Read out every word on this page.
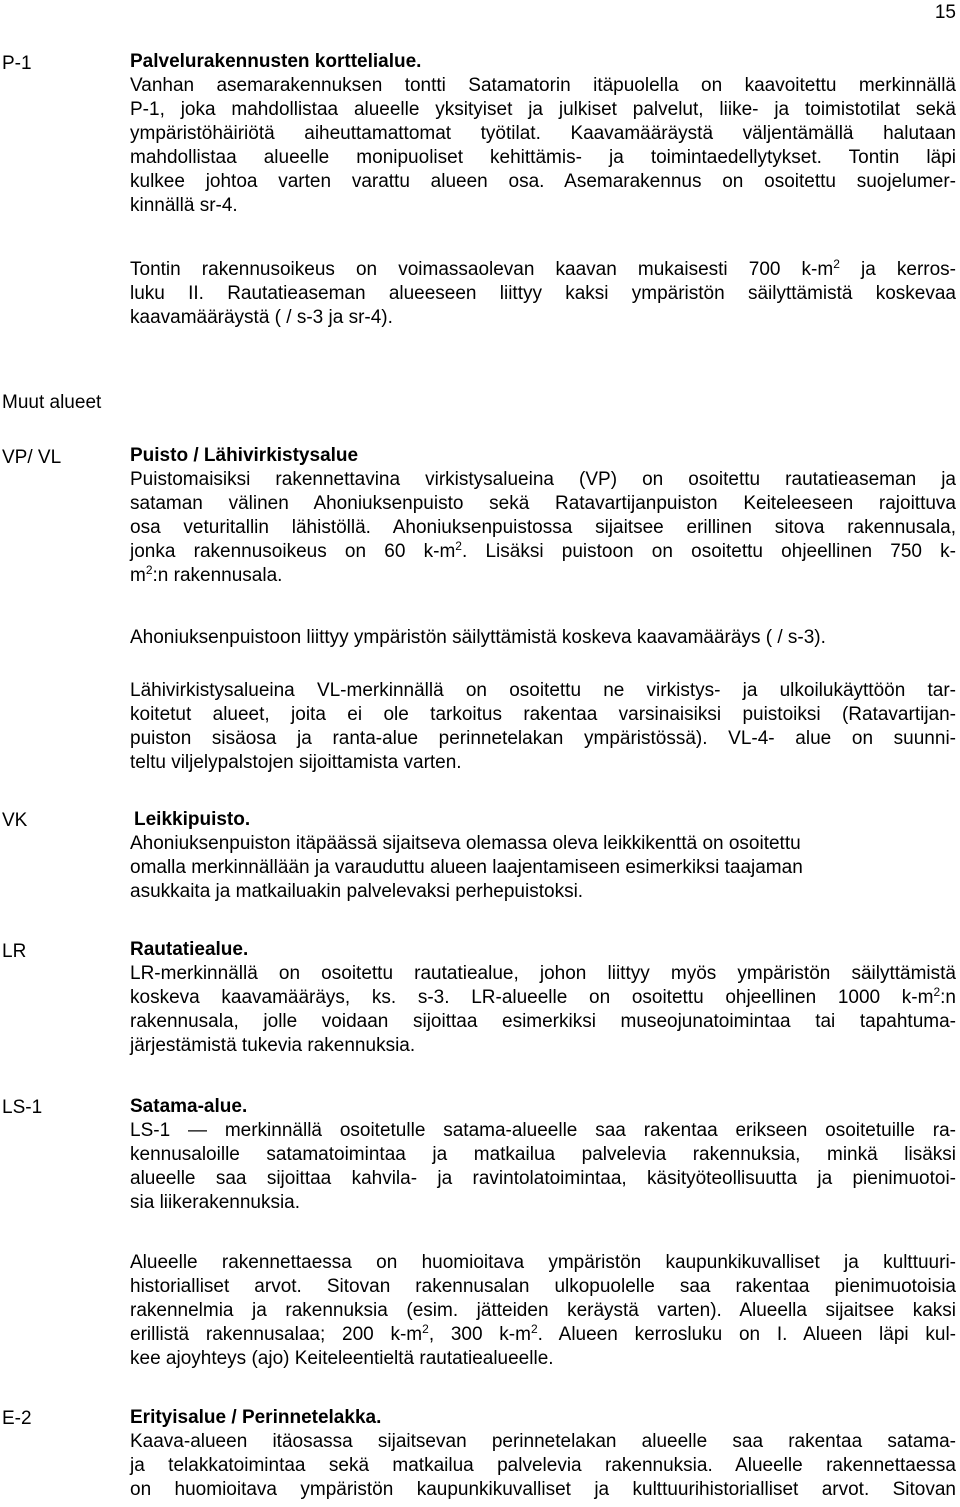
15
P-1	Palvelurakennusten korttelialue.
Vanhan asemarakennuksen tontti Satamatorin itäpuolella on kaavoitettu merkinnällä
P-1, joka mahdollistaa alueelle yksityiset ja julkiset palvelut, liike- ja toimistotilat sekä
ympäristöhäiriötä aiheuttamattomat työtilat. Kaavamääräystä väljentämällä halutaan
mahdollistaa alueelle monipuoliset kehittämis- ja toimintaedellytykset. Tontin läpi
kulkee johtoa varten varattu alueen osa. Asemarakennus on osoitettu suojelumer-
kinnällä sr-4.
Tontin rakennusoikeus on voimassaolevan kaavan mukaisesti 700 $k-m^2$ ja kerros-
luku II. Rautatieaseman alueeseen liittyy kaksi ympäristön säilyttämistä koskevaa
kaavamääräystä ( / s-3 ja sr-4).
Muut alueet
VP/ VL	Puisto / Lähivirkistysalue
Puistomaisiksi rakennettavina virkistysalueina (VP) on osoitettu rautatieaseman ja
sataman välinen Ahoniuksenpuisto sekä Ratavartijanpuiston Keiteleeseen rajoittuva
osa veturitallin lähistöllä. Ahoniuksenpuistossa sijaitsee erillinen sitova rakennusala,
jonka rakennusoikeus on 60 $k-m^2$. Lisäksi puistoon on osoitettu ohjeellinen 750 k-
$m^2:n$ rakennusala.
Ahoniuksenpuistoon liittyy ympäristön säilyttämistä koskeva kaavamääräys ( / s-3).
Lähivirkistysalueina VL-merkinnällä on osoitettu ne virkistys- ja ulkoilukäyttöön tar-
koitetut alueet, joita ei ole tarkoitus rakentaa varsinaisiksi puistoiksi (Ratavartijan-
puiston sisäosa ja ranta-alue perinnetelakan ympäristössä). VL-4- alue on suunni-
teltu viljelypalstojen sijoittamista varten.
VK	Leikkipuisto.
Ahoniuksenpuiston itäpäässä sijaitseva olemassa oleva leikkikenttä on osoitettu
omalla merkinnällään ja varauduttu alueen laajentamiseen esimerkiksi taajaman
asukkaita ja matkailuakin palvelevaksi perhepuistoksi.
LR	Rautatiealue.
LR-merkinnällä on osoitettu rautatiealue, johon liittyy myös ympäristön säilyttämistä
koskeva kaavamääräys, ks. s-3. LR-alueelle on osoitettu ohjeellinen 1000 $k-m^2:n$
rakennusala, jolle voidaan sijoittaa esimerkiksi museojunatoimintaa tai tapahtuma-
järjestämistä tukevia rakennuksia.
LS-1	Satama-alue.
LS-1 — merkinnällä osoitetulle satama-alueelle saa rakentaa erikseen osoitetuille ra-
kennusaloille satamatoimintaa ja matkailua palvelevia rakennuksia, minkä lisäksi
alueelle saa sijoittaa kahvila- ja ravintolatoimintaa, käsityöteollisuutta ja pienimuotoi-
sia liikerakennuksia.
Alueelle rakennettaessa on huomioitava ympäristön kaupunkikuvalliset ja kulttuuri-
historialliset arvot. Sitovan rakennusalan ulkopuolelle saa rakentaa pienimuotoisia
rakennelmia ja rakennuksia (esim. jätteiden keräystä varten). Alueella sijaitsee kaksi
erillistä rakennusalaa; 200 $k-m^2$, 300 $k-m^2$. Alueen kerrosluku on I. Alueen läpi kul-
kee ajoyhteys (ajo) Keiteleentieltä rautatiealueelle.
E-2	Erityisalue / Perinnetelakka.
Kaava-alueen itäosassa sijaitsevan perinnetelakan alueelle saa rakentaa satama-
ja telakkatoimintaa sekä matkailua palvelevia rakennuksia. Alueelle rakennettaessa
on huomioitava ympäristön kaupunkikuvalliset ja kulttuurihistorialliset arvot. Sitovan
